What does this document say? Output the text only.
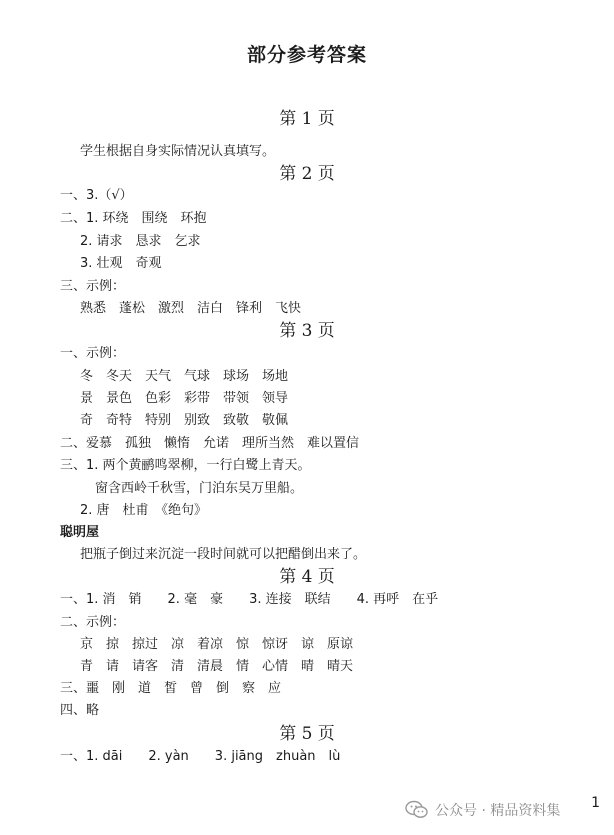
部分参考答案
第 1 页
学生根据自身实际情况认真填写。
第 2 页
一、3.（√）
二、1. 环绕　围绕　环抱
2. 请求　恳求　乞求
3. 壮观　奇观
三、示例：
熟悉　蓬松　激烈　洁白　锋利　飞快
第 3 页
一、示例：
冬　冬天　天气　气球　球场　场地
景　景色　色彩　彩带　带领　领导
奇　奇特　特别　别致　致敬　敬佩
二、爱慕　孤独　懒惰　允诺　理所当然　难以置信
三、1. 两个黄鹂鸣翠柳，一行白鹭上青天。
窗含西岭千秋雪，门泊东吴万里船。
2. 唐　杜甫　《绝句》
聪明屋
把瓶子倒过来沉淀一段时间就可以把醋倒出来了。
第 4 页
一、1. 消　销　　2. 毫　豪　　3. 连接　联结　　4. 再呼　在乎
二、示例：
京　掠　掠过　凉　着凉　惊　惊讶　谅　原谅
青　请　请客　清　清晨　情　心情　晴　晴天
三、噩　刚　道　皙　曾　倒　察　应
四、略
第 5 页
一、1. dāi　　2. yàn　　3. jiāng　zhuàn　lù
1
公众号 · 精品资料集
